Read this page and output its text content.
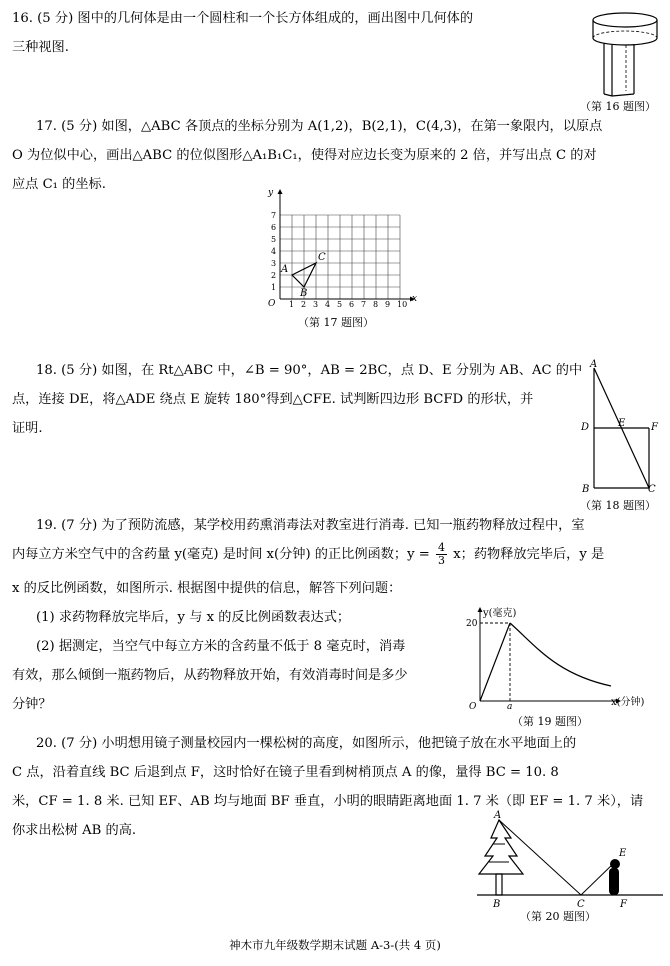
16. (5 分) 图中的几何体是由一个圆柱和一个长方体组成的，画出图中几何体的
三种视图.
（第 16 题图）
17. (5 分) 如图，△ABC 各顶点的坐标分别为 A(1,2)，B(2,1)，C(4,3)，在第一象限内，以原点
O 为位似中心，画出△ABC 的位似图形△A₁B₁C₁，使得对应边长变为原来的 2 倍，并写出点 C 的对
应点 C₁ 的坐标.
y
x
O 1 2 3 4 5 6 7 8 9 10
1
2
3
4
5
6
7
A
B
C
（第 17 题图）
18. (5 分) 如图，在 Rt△ABC 中，∠B = 90°，AB = 2BC，点 D、E 分别为 AB、AC 的中
点，连接 DE，将△ADE 绕点 E 旋转 180°得到△CFE. 试判断四边形 BCFD 的形状，并
证明.
A
D	E	F
B	C
（第 18 题图）
19. (7 分) 为了预防流感，某学校用药熏消毒法对教室进行消毒. 已知一瓶药物释放过程中，室
内每立方米空气中的含药量 y(毫克) 是时间 x(分钟) 的正比例函数；$y = \frac{4}{3}$ x；药物释放完毕后，y 是
x 的反比例函数，如图所示. 根据图中提供的信息，解答下列问题：
(1) 求药物释放完毕后，y 与 x 的反比例函数表达式；
(2) 据测定，当空气中每立方米的含药量不低于 8 毫克时，消毒
有效，那么倾倒一瓶药物后，从药物释放开始，有效消毒时间是多少
分钟？
y(毫克)
x(分钟)
20
a
O
（第 19 题图）
20. (7 分) 小明想用镜子测量校园内一棵松树的高度，如图所示，他把镜子放在水平地面上的
C 点，沿着直线 BC 后退到点 F，这时恰好在镜子里看到树梢顶点 A 的像，量得 BC = 10. 8
米，CF = 1. 8 米. 已知 EF、AB 均与地面 BF 垂直，小明的眼睛距离地面 1. 7 米（即 EF = 1. 7 米），请
你求出松树 AB 的高.
A
B	C
E
F
（第 20 题图）
神木市九年级数学期末试题 A-3-(共 4 页)
